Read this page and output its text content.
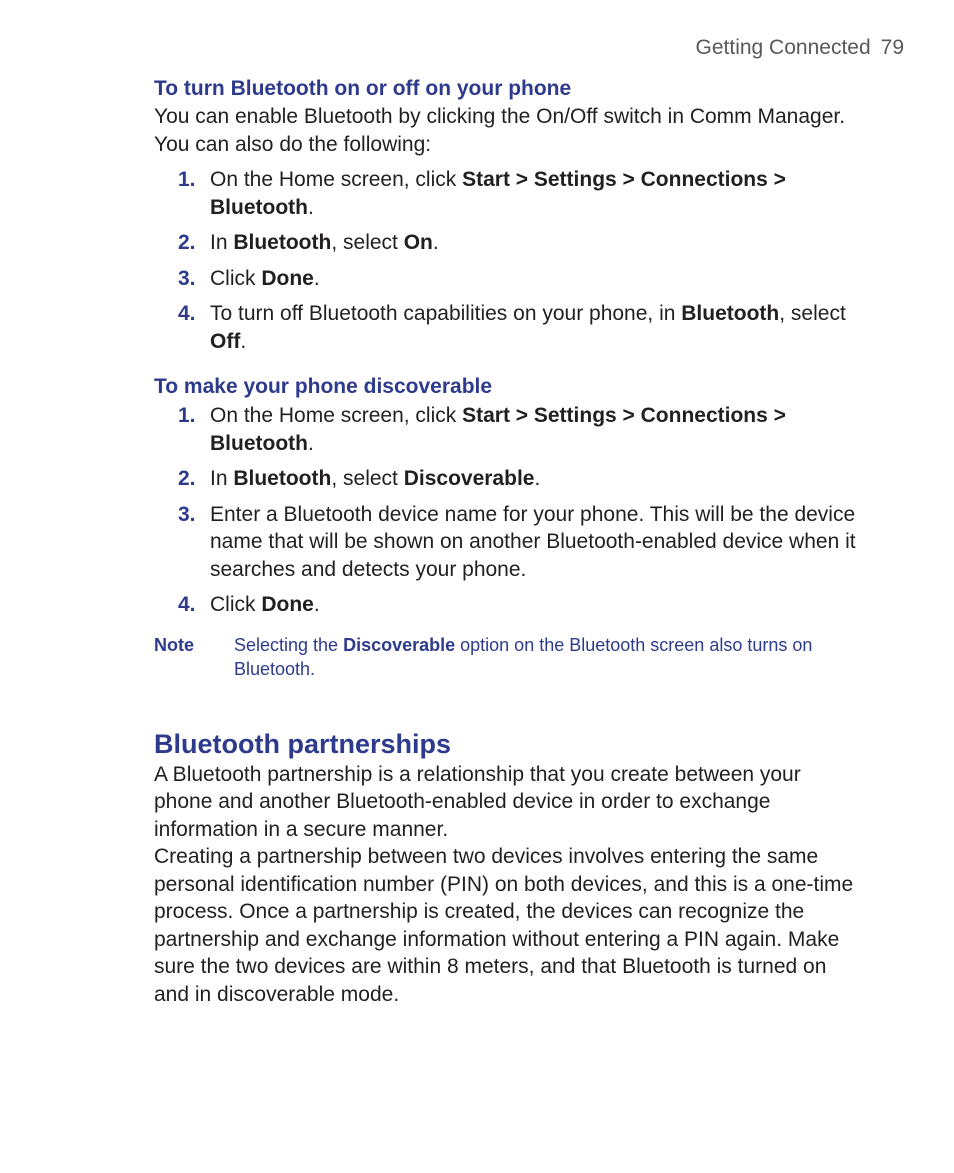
Getting Connected 79
To turn Bluetooth on or off on your phone

You can enable Bluetooth by clicking the On/Off switch in Comm Manager. You can also do the following:

1. On the Home screen, click Start > Settings > Connections > Bluetooth.
2. In Bluetooth, select On.
3. Click Done.
4. To turn off Bluetooth capabilities on your phone, in Bluetooth, select Off.
To make your phone discoverable
1. On the Home screen, click Start > Settings > Connections > Bluetooth.
2. In Bluetooth, select Discoverable.
3. Enter a Bluetooth device name for your phone. This will be the device name that will be shown on another Bluetooth-enabled device when it searches and detects your phone.
4. Click Done.
Note Selecting the Discoverable option on the Bluetooth screen also turns on Bluetooth.
Bluetooth partnerships

A Bluetooth partnership is a relationship that you create between your phone and another Bluetooth-enabled device in order to exchange information in a secure manner.

Creating a partnership between two devices involves entering the same personal identification number (PIN) on both devices, and this is a one-time process. Once a partnership is created, the devices can recognize the partnership and exchange information without entering a PIN again. Make sure the two devices are within 8 meters, and that Bluetooth is turned on and in discoverable mode.
